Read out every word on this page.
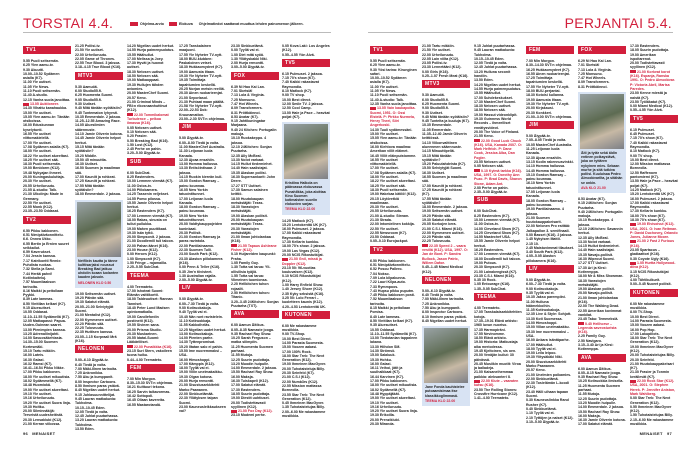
TORSTAI 4.4.	Ohjelma-arvio	Elokuva Ohjelmatiedot saattavat muuttua lehden painomenon jälkeen.	PERJANTAI 5.4.
TV1
5.55 Puoli seitsemän.
6.25 Ylen aamu-tv.
9.30 Akuutti.
10.00–10.52 Sydämen asialla (K7).
11.00 Yle uutiset.
11.05 Yle News.
11.10 Puoli seitsemän.
11.40 A-studio.
12.15 Vanha suola janoittaa.
13.05 Auktioneer.
14.30 Vihattu kanahaukka.
15.00 Yle uutiset.
15.05 Ylen aamu-tv: Tänään otsikoissa.
16.00 Eduskunnan kyselytunti.
16.55 Yle uutiset viittomakielellä.
17.00 Yle uutiset.
17.08 Sydämen asialla (K7).
18.00 Yle uutiset.
18.22 Yle uutiset alueeltasi.
18.25 Yle uutiset sää.
18.30 Puoli seitsemän.
19.00 Benidorm (K12).
19.48 Nykyajan ihmeet.
20.00 Kuningaskuluttaja.
20.30 Yle uutiset.
20.55 Urheiluruutu.
21.05 A-studio: Talk.
21.30 Ulkolinja: Made in Germany.
22.50 Yle uutiset.
22.55 Monk (K12).
23.35–23.50 Oddasat.
TV2
6.50 Pikku kakkonen.
6.51 Nimipäiväonnittelu.
6.6. Onnea Ukko.
6.55 Bertin ja Ernien suuret seikkailut.
6.59 Kaverukset.
7.04 Jessin kanssa.
7.17 Katrikontti Remix: Puhdista ruokaa.
7.32 Stella ja Sami.
7.44 Herää pahvi! Kotiinkaiteluj.
7.57 Muumilaakson tarinoita.
8.16 Maikki ja peitollaan Pyykki.
8.39 Late lammas.
8.50 Vinttilan kelkari (K7).
9.15 Aluesuitset.
10.55 Oddasat.
11.10–11.55 Sydämellä (K7).
12.05 Matkapassi: Papua-Uuden-Guinean saaret.
13.00 Pienimpien kanssa.
13.25 Adrenaliinijahti.
14.00 Savuosäkehtasia.
14.30–15.00 Suomen Kortesmäki.
15.10 Tartu mikkiin.
16.00 Lateis.
16.30 Galaxi.
16.32 Ramsi (K7).
16.41–16.54 Pikku Nikke.
17.00 Pikku kakkonen.
18.00 Yle uutiset mikuutisia.
18.02 Sydämmellä (K7).
18.48 Huomiokä.
19.00 Yle uutiset alueeltasi.
19.10 Yle uutiset.
19.16 Urheiluruutu.
19.20 Yle uutiset Suora linja.
19.30 Holtku.
20.00 Silminnäkijä: Terveistä uudesheitistä.
20.30 Lensaklubi (K12).
21.00 Kerran viikossa.
21.25 Poliisi-tv.
21.50 Yle uutiset.
22.00 Urheiluruutu.
22.05 Game of Thrones.
22.55 True Blood. 3 jaksoa.
3.18–4.15 True Blood (K16).
MTV3
5.30 Aamuöä.
6.00 Studio55.fi.
6.25 Huomenta Suomi.
9.05 Studio55.fi.
9.30 Uutiset.
9.40 Mitä tänään syötäisiin?
9.45 Tuntematon lyhyesti.
10.35 Emmerdale. 2 jaksoa.
11.25–12.55 Amazing Race.
14.05 Aluesilmien sääennuste.
14.10 Jamie Oliverin kotona.
14.45 Jamie Oliverin helpot herkut.
15.15 Mitä tänään syötäisiin?
15.20 Middle.
15.50 45 minuuttia.
16.30 Uutiset.
16.50 Suomen ja maailman sää.
17.00 Kauniit ja rohkeat.
17.25 Kauniit ja rohkeat.
17.55 Mitä tänään syötäisiin?
18.00 Emmerdale. 2 jaksoa.
Netflixin kautta jo tänne kulttisarjaksi noussut Breaking Bad jatkuu uhdolin koaan luolanten kauden jaksoin.
NELONEN KLO 0.50
19.00 Seitsemän uutiset.
19.20 Päivän sää.
19.30 Salatut elämät.
20.05–21.00 Selviytyjät Suomi.
21.00 Mentalist (K12).
22.00 Kymmenen uutiset.
22.20 Päivän sää.
22.25 Tulosruutu.
22.35 Huttisen kanssa.
23.05–1.15 Korpraali Mrä (K16).
NELONEN
5.00–6.10 Äiypää-tv.
6.40 Tiedä ja voita.
7.00 Mäki-Ilinen tarinoita.
7.25 Ankronikka.
7.50 Aku ja kumppanit.
8.00 Inspector Cartoons.
8.50 Ihmisen paras ystävä.
8.40 Nigellan uudet herkut.
9.15 Juhlasuunnittelijat.
9.45 Lauran matkakuvia: Tukholma.
10.15–10.45 Eden.
12.05 Tiedä ja voita.
12.45 Juhlat puutarhassa.
13.20 Lauran matkakuvia: Tukholma.
13.50 Eden.
14.20 Nigellan uudet herkut.
14.55 Hurja paimenpudotus.
15.55 Häähullut.
17.00 Melissa ja Joey.
17.30 Hyvät ja huonot uutiset.
18.30 Nelosen uutiset.
18.50 Nelosen sää.
19.00 Matkaoppaat.
19.30 Hullujen tähden aviomies.
20.00 MasterChef Suomi.
20.57 Keno.
21.00 Criminal Minds – FBI:n rikosnaanhuttinut (K12).
22.00 Tommikalomat Turbulence – pelkoa ilmassa (K16).
0.05 Nelosen uutiset.
0.10 Nelosen sää.
0.20 Frasier.
0.50 Breaking Bad (K16).
1.50 Lost (K12).
2.45 Perhe on pahin.
3.20–5.00 Äiypää-tv.
SUB
6.00 SubChat.
8.25 Eastenders.
10.00 Lemmen viemää (K7).
11.00 Ostos-tv.
14.00 Piilokamera.
14.25 Tassenin veljekset.
14.55 Pomo pilossa.
15.55 Jamie Oliverin helpot herkut.
16.25 Eastenders (K7).
17.00 Lemmen viemää (K7).
18.00 Rakas, sinusta on tullut pullukka.
19.00 Mahen puuttikaat.
19.30 Isän tyttö.
20.00 Simpsonit. 2 jaksoa.
21.00 Doodlemill tuli taloon.
22.00 Pahan äänet (K16).
23.00 House (K12).
0.00 Heroes (K12).
1.00 Simpsonit (K7).
1.50 Fringe – rajamailla.
2.25–5.55 SubChat.
TEEMA
4.00 Teemateto.
17.00 Ishoteat Suomi: Elämän valttikortti.
18.00 Taideuutiset: Rannan Tanniset.
18.40 Peter Lund Madsen opintomatkalla.
19.00 Candlefordin postineiti (K12).
19.55 Sivinen sana.
20.00 Prisma Studio.
20.30 Muskarinen.
20.55 Idatal-Suomi: Lääkäriliiset.
22.00 Punaikkka (K16).
23.15 Suri Stern, vakoileen tuona huiku.
0.44–4.00 Teemateto.
FEM
7.00 Min Morgon.
8.30–15.30 SVT:n ohjelmaa.
16.21 Kulttuuri tekona.
16.25 Sarvin taikavormas.
16.42 Sottopoli.
16.45 Ollaan kavereita.
16.55 Mastarotandä.
17.25 Tanskalainen maajuoni.
17.55 Yle Nyheter TV-nytt.
18.00 BUU-klubben: Paskaloinen vetset.
18.30 Hukkaomydeet (K7).
19.00 Aamusta iltaan.
19.30 Yle Nyheter TV-nytt.
19.35 Toimittaja tapahtumien keskellä.
20.25 Norjan metsin reelliä.
20.30 Ainen ruokarieenjat.
21.00 Seporlasol.
21.30 Puhtaat maan päältä.
21.58 Yle Nyheter TV-nytt.
22.00–22.53 Dok: Kruunamation.
23.00–2.30 SVT:n ohjelmaa.
JIM
5.00 Äiypää-tv.
6.00–8.00 Tiedä ja voita.
11.00 MasterChef Australia.
11.30 Leijonan luola Kanada.
12.30 Ajoaa ensahiin.
13.00 Homma hallussa.
13.30 Entisöintisaar. 2 jaksoa.
14.15 Ruokin kiereän kuli.
15.00 Gordon Ramsay – painu kounnaa.
16.05 New Yorkin tatuointitunnet.
17.00 Leijonan luola Kanada.
18.00 Gordon Ramsay – painu kounnaa.
19.00 New Yorkin tatuointitunnet.
20.00 Valdtykauppojeiden kuninkaat.
20.30 Poliisit.
21.00 Gordon Ramsay ja paras ravintola.
22.00 Pantilainaamo.
22.30 Suomen Tulli.
23.00 South Park (K12).
23.30 Alaston piilokamera (K16).
0.00 Penn & Teller (K16).
0.35 Jim'n tiivisteet.
1.30 Australian rajalla.
2.00–5.00 Äiypää-tv.
LIV
5.00 Äiypää-tv.
6.00–7.30 Tiedä ja voita.
9.00 Kotiruokakoja.
9.40 Tyyliä vai ei.
10.40 Nän runt ravistelein.
11.10 Kotiruokkaja.
11.55 Kakkoiheläs.
12.25 Nigellan uudet herkut.
13.00 Kotiruokakoja.
14.00 Pienten parhe.
14.30 Tyttenpromisat.
15.20 Iltatan salo ei pahin.
15.50 Ime nuoremmaksi – USA.
16.00 Himoshoppi.
17.00 Kämppis (K12).
18.00 Tyyliä vai ei.
19.00 Villin unelmakaikku.
19.30 Olgan kotona.
20.00 Hurja remontti.
21.00 Sisustusarkkitehti Marko Paananen.
22.00 Sinkkuelämää.
22.30 Yllätyksen taipan Suomi.
23.00 Kauneusleikkaukseen vai?
23.30 Sinkkuelämä.
0.00 Tyyliä vai ei.
1.00 Diet mitä syöä.
1.30 Yllätyskakki Niki.
2.00 Hurja remontti.
3.00–5.00 Äiypää-tv.
FOX
6.39 Ni Hao Kai Lan.
7.01 Sketsiä!
7.13 Lola & Virginia.
7.25 Monsuno.
7.47 Hot Wheels.
8.09 Transformers.
8.31 Pröttkäinnoi.
8.53 Avatar (K7).
9.15 Jahtikuningatar Marjaana.
9.40 24 Kitchen: Portugalin makuja.
10.10 Ruokakeppo. 4 jaksoa.
12.10 24Kitchen: Sonjan Puutarha.
12.35 Ally McBeal.
13.30 Nolot varkaat.
14.15 Hullut tiedemiehet.
14.40 Hain saalistajat.
15.35 Alaskan poliisi.
16.30 Supersankarit: John Deere.
17.27 STT Uutiset.
17.30 Samun salainen keittiö.
18.00 Huutokaupan metsästäjät: Texas.
18.30 Varastojen metsästäjät.
19.00 Alaskan poliisit.
20.00 Huutokaupan metsästäjät: Texas.
20.30 Varastojen metsästäjät.
21.00 Ilman johtolankaa (K16).
21.55 Tapaus Ashleane Fisher (K12).
0.10 Huijareiden kaupunki: Praha.
1.05 Family Guy.
1.30 Totta vai tarua: Yli-ollisilisia tyäjiä.
1.55 Totta vai tarua: Viimeinen tuomionsa.
2.20 Hellkitchen tuhon rojaalit.
2.50 Hellkitchen tuhon: Titanic.
3.20–3.45 24Kitchen: Sonjan Puutarha (TXT).
AVA
6.00 Aamun Äitikus.
8.05–8.35 Namaste jooga.
9.35 Rachael Ray Show.
10.25 Sarah Ferguson – matka siiimpiin.
11.25 Huomenta Suomen parhaat.
11.55 Mutoja.
12.25 Suurin pudottaja.
13.20 Muodin huipulle.
14.00 Emmerdale. 2 jaksoa.
15.50 Rachael Ray Show.
16.00 Maksja.
16.30 Tuiskapeli (K12).
17.00 Salatut elämät.
17.30 Eastenders.
18.05 Suurin pudottaja.
19.00 Diestit uuhtiuset.
20.00 Todistettavasti syyllinen (K12).
21.00 Fox Day (K12).
23.10 Modemi perhe.
0.05 Kova Laki: Los Angeles (K12).
0.55–4.55 Yön Alvä.
TV5
6.15 Pulmuset. 2 jaksoa.
7.15 70's show (K7).
7.40 Kaikki rakastavat Raymondia.
8.10 Matlock (K7).
9.00 TV shop.
10.00 Best direct.
12.00 Smile TV. 2 jaksoa.
12.50 Cool Camp.
13.00 Hale ja Pace – heavkat poijat (K7).
Kristiina Halkola on pääroassa elokuvassa Punahilkka, joka aloittaa Kino Suomen kotimaisten suoriin elokuvien sarjan.
TEEMA KLO 22.00
14.25 Matlock (K7).
15.20 Lentokenttä UK (K7).
16.00 Pulmuset. 2 jaksoa.
17.00 Kaikki rakastavat Raymondia.
17.30 Kellarin kunkku.
18.00 70's show. 2 jaksoa.
19.00 Las Vegas (K12).
20.00 NCIS Rikostutkijat.
21.00 Gnil, missä ja Doppler (K12).
23.10 50: 96-vuotias kouluvaisen (K12).
0.10 NCIS Rikostutkijat (K12).
1.00 Harry Enfield Show.
1.40 Jersey Shore (K12).
2.35 Kyky seksistä (K16).
3.25 50: Lolo Ferrari – kuoletteen kaunis (K12).
4.20–4.53 Lentokenttä UK.
KUTONEN
6.00 Me rakastamme musiikkia.
9.00 TV-Shop.
10.00 Best Direct.
14.00 Parasta Suomesta.
15.00 Voozen aabasi.
17.00 100% Rock.
18.00 Star Trek: The Next Generation (K12).
19.00 Ihmeinen MacGyver.
20.00 Tuhotaisteluja Billy.
20.30 Seinfeld (K7).
21.00 C.S.I (K12).
22.00 Numb3rs (K12).
22.55 Mission mattassa Borneolla.
23.55 Star Trek: The Next Generation (K12).
0.45 Ihmeinen MacGyver.
1.35 Tuhotaistelujas Billy.
2.00–6.00 Me rakastamme musiikkia.
TV1
5.55 Puoli seitsemän.
6.25 Ylen aamu-tv.
9.30 Yösi tarina: Kirunginen safari.
10.00–10.52 Sydämen asialla (K7).
11.00 Yle uutiset.
11.05 Yle News.
11.10 Puoli seitsemän.
11.40 A-studio: Talk.
12.35 Vanha suola janoittaa.
13.05 Vain kaukapoika. Suomi, 1951. O: Ossi Elstelä. P: Pirkko Nurmela, Henry Theel, Siiri Angerkoski.
14.30 Tuuli sydämessäni.
15.00 Yle uutiset.
15.05 Ylen aamu-tv: Tänään otsikoissa.
16.00 Kiehtova maailma: Amerikan villit eläimet.
16.45 Villit eläinpuistomme.
16.55 Yle uutiset viittomakielellä.
17.00 Yle uutiset.
17.08 Sydämen asialla (K7).
18.00 Yle uutiset.
18.22 Yle uutiset alueeltasi.
18.25 Yle uutiset sää.
18.30 Puoli seitsemän.
19.00 Hakekaa kätilö! (K12).
20.15 Löytöretkiä maailmaan.
20.30 Yle uutiset.
20.55 Urheiluruutu.
21.00 A-studio: Stream.
21.30 Strada.
22.00 Intomielinen kokkija.
22.50 Yle uutiset.
22.55 Newsroom (K7).
23.50 Oddasat.
0.05–0.10 Eurojackpot.
TV2
6.50 Pikku kakkonen.
6.51 Nimipäiväonnittelu.
6.52 Posou Pallero.
7.04 Nokso.
7.09 Lola kilpakunna.
7.22 Lauri Kilpa-auto.
7.33 Rymmpoos.
7.43 Hupsu pikku puputm.
7.45 Pikku kakkosen posti.
7.52 Muumilaakson tarinoita.
8.15 Maikki ja peitollaan Pomisa.
8.40 Late lammas.
8.50 Vinttilan kelkari (K7).
9.35 Aluesuitset.
10.55 Oddasat.
11.10–11.55 Sydämellä (K7).
13.00 Tiedotanian tappaleen lakana.
13.30 Hiihdon SM.
14.30 Strömsö.
15.00 Salaluuk.
15.30 Hohku.
16.00 Galaxi.
16.11 Veihoi, jätit ja suulhaikkaat (K7).
16.44 Karvinen (K7).
17.00 Pikku kakkonen.
18.00 Yle uutiset mikuutisia.
18.02 Sydämellä (K7).
18.48 Hyppäjäkät.
19.00 Yle uutiset alueeltasi.
19.10 Yle uutiset.
19.16 Urheiluruutu.
19.20 Yle uutiset Suora linja.
19.30 Erikoilla.
20.00 Prenziklubi.
20.30 Miranda.
21.00 Tartu mikkiin.
21.50 Yle uutiset.
22.00 Urheiluruutu.
22.05 Lain viilta (K12).
23.05 Poliisi-tv.
23.30 Lennetäänl (K12).
0.00 Girls (K16).
0.25–1.07 Fresh Meat (K16).
MTV3
5.30 Aamuöä.
6.00 Studio55.fi.
6.25 Huomenta Suomi.
9.00 Studio55.fi.
9.30 Uutiset.
9.40 Mitä tänään syötäisiin?
9.45 Tuntelta ja kuuluja (K7).
10.35 Emmerdale.
11.05 Emmerdale.
11.35–12.40 Jamie Oliverin keittiössä.
14.10 Viikonvalttinen alueenmen sääennuste.
14.15 Minuuttipeliä.
15.15 Mitä tänään syötäisiin?
15.20 Paluutahdeista (K7).
15.50 Selviytyjät Suomi.
16.30 Uutiset.
16.55 Suomen ja maailman sää.
17.00 Kauniit ja rohkeat.
17.25 Kauniit ja rohkeat (K7).
17.55 Mitä tänään syötäisiin?
18.00 Emmerdale. 2 jaksoa.
19.00 Seitsemän uutiset.
19.20 Päivän sää.
19.30 Salatut elämät.
20.05 Korkojen kera.
21.00 C.S.I. Miami (K16).
22.00 Kymmenen uutiset.
22.20 Päivän sää.
22.25 Tulosruutu.
22.35 Speed 2 – vaara vesillä (K12). USA, 1997. O: Jan de Bont. P: Sandra Bullock, Jason Patric, Willem Dafoe.
0.45–1.45 Miami Medical (K12).
NELONEN
5.00–6.10 Äiypää-tv.
6.40 Tiedä ja voita.
7.00 Mäki-Ilinen tarinoita.
7.25 Ankronikka.
7.50 Aku ja kumppanit.
8.00 Inspector Cartoons.
8.10 Ihmisen paras ystävä.
8.40 Nigellan uudet herkut.
Jane Fonda kauhistelee putoaamisimaa itse klassikkoglimmasä.
TEEMA KLO 22.00
9.15 Juhlat puutarhassa.
9.45 Lauran matkakuvia: Tukholma.
10.15–10.45 Eden.
12.05 Tiedä ja voita.
12.45 Juhlat puutarhassa.
13.20 Hulluna seconit handiin.
13.50 Eden.
14.20 Nigellan uudet herkut.
14.55 Hurja paimenpudotus.
15.55 Häähullut.
17.00 Suhdekeskukset.
17.30 MasterChef Suomi.
18.30 Nelosen uutiset.
18.50 Nelosen sää.
19.00 Hassut videonklipit.
19.30 Guinness World Records – ihmeelliset ennätysvideot.
20.00 The Voice of Finland.
21.55 Keno.
22.00 Good Luck Chuck (K16). USA, Kanada 2007. O: Mark Helfrich. P: Dane Cook, Jessica Alba, Dan Fogler.
23.55 Nelosen uutiset.
0.05 Nelosen sää.
0.10 Kylmä tarkka (K16). USA, 1997. O: Dorothy Ann Puzo. P: Brad Davis, Sharon Stone, Adam Ant.
2.00 Perhe on pahin.
2.35–5.00 Äiypää-tv.
SUB
6.00 SubChat.
8.25 Eastenders (K7).
10.00 Lemmen viemää (K7).
11.00 Ostos-tv.
14.00 Cleveland Show (K7).
14.25 Cleveland Show (K7).
14.55 Mastechef USA.
15.55 Jamie Oliverin helpot herkut.
16.25 Eastenders.
17.00 Lemmen viemää (K7).
18.00 Doodlemill tuli taloon.
19.00 Putous.
20.30 Simpsonit (K7).
21.00 Lainakengissä (K7).
23.35 C.S.I. Miami (K16).
0.35 30 Rock.
1.05 Entourage (K16).
1.35–5.05 SubChat.
TEEMA
4.00 Teemateto.
17.05 Tanskalaisarkkitehtien kotoja.
17.35–19.01 Elävä arkisto: 1960 luvun nuoriso.
17.35 Harmopiräni.
17.55 Nevinomme.
18.50 Elävä arkisto.
19.00 Historia: Matkustaja aika meriodessa.
19.45 Kjeltoinen, sis oen.
20.00 Venäjän kuilut: 30 päivässä.
20.45 Musiikin muotit: Viroa ja balladeja.
21.00 Kaisaneihemmaa paikkia: aleksanteri II.
22.00 Klute – vaaraten kutsu (K16).
23.50 The Rolling Stones: Crossfire Hurricane (K12).
1.41–4.00 Teemateto.
FEM
7.00 Min Morgon.
8.30–14.30 SVT:n ohjelmaa.
16.25 Hukkaomydeet (K7).
16.55 Ainen ruokarieenjat.
17.25 Toimittaja tapahtumien keskellä.
17.55 Yle Nyheter TV-nytt.
18.00 BUU-perjantai.
18.30 Kotoisi kullanna.
19.00 Aamusta iltaan.
19.30 Yle Nyheter TV-nytt.
20.00 Kirjakausi.
20.30 Konkkeri.
21.00–3.00 SVT:n ohjelmaa.
JIM
5.00 Äiypää-tv.
7.05–8.05 Tiedä ja voita.
10.05 MasterChef Australia.
11.25 Leijonan luola Kanada.
12.30 Ajoaa ensahiin.
13.15 Kodin rakennusvinkki.
14.10 Homma hallussa.
14.40 Homma hallussa.
15.10 Gordon Ramsay – painu kounnaa.
16.10 New Yorkin tatuointitunnet.
17.05 Leijonan luola Kanada.
18.05 Gordon Ramsay – painu kounnaa.
19.00 Pantilainaamo. 4 jaksoa.
21.00 Suomen huutokauppakeisarit.
22.00 Nelonen Pro esittää: Jalkapallon 3. semifinaali.
0.00 Basset (K16). 2 jaksoa.
1.45 Nykyisen Mattii.
2.15 10.
2.45 Maistuvimmat tilaukset.
3.40 South Park (K12).
4.05–5.05 Alaston piilokamera (K16).
LIV
5.00 Äiypää-tv.
6.00–7.30 Tiedä ja voita.
9.00 Kotiruokakoja.
9.35 Tyyliä vai ei.
10.35 Jakso parempiini.
11.00 Hulluna häämekkoihin.
11.35 Kotiruokakoja.
12.35 Live & Style: Sohjott.
13.30 Koti Suomessa.
14.00 Himoshoppi.
15.00 Villan unelmakakku.
15.30 Ime nuoremmaksi – USA.
16.00 Ankara isäntäparhe.
17.00 Häähullut.
18.00 Tyyliä vai ei.
19.00 Leila leipoo.
19.30 Ylitysäkäki Niki.
20.00 Sisustusarkkitehti Marko Paananen.
20.57 Keno.
21.00 Unelmien poikamies.
22.00 Sinkkuelämä.
22.30 Tosielämän L-koodi (K12).
23.40 Hälli ulhaan tapaan Suomi.
0.30 Kauneuslinkka Rand Rusher (K7).
0.40 Sinkkuelämä.
1.10 Tyyliä vai ei.
2.10 Tyttöjen ja naiset (K12).
3.10–5.00 Äiypää-tv.
FOX
6.29 Ni Hao Kai Lan.
7.01 Sketsiä!
7.13 Lola & Virginia.
7.25 Monsuno.
7.47 Hot Wheels.
8.09 Transformers.
8.31 Pröttkäinnoi.
Äiti ja tytär sekä äidin entinen poikaystävä, joka on tyttären nykyinen mies. Sekaan murhe ja sitä tutkiva poliisi. Kuuluisaa Pedro Almodóvarilta, ja sitähän se onkin.
AVA KLO 21.00
8.53 Avatar (K7).
9.15 24Kitchen: Sonjan Puutarha.
9.40 24Kitchen: Portugalin makuja.
10.10 Ruokakeppo. 4 jaksoa.
12.10 24Kitchen: Savannin herkut.
12.35 Ally McBeal.
13.30 Nolot varkaat.
14.15 Hullut tiedemiehet.
14.40 Hain saalistajat.
15.35 Navajo-poliisit.
16.30 Wipeout Suomi.
17.27 STT Uutiset.
17.30 Ari ja Kirsi: Kotiremppa.
18.00 Mr & Miss Showman.
18.30 Varastojen metsästäjät.
19.00 Alaskan poliisit.
20.00 Navajo-poliisit.
21.00 Ilman johtolankaa (K16).
22.00 The Walking Dead.
22.55 Amerikan kovimmat vankilat.
23.45 Tabu: Temmeksiä.
0.40 Hellhorse – Legenda saveosturista (K16).
2.25 Family Guy.
2.50 Navigaro.
3.15–3.40 Ari ja Kirsi: Kotiremppa.
AVA
6.00 Aamun Äitikus.
8.05–8.15 Namaste jooga.
9.35 Rachael Ray Show.
10.25 Kotiruokkia ilmisella.
11.25 Huomenta Suomen parhaat.
11.55 Mutoja.
12.25 Suurin pudottaja.
13.20 Muodin huipulle.
14.00 Emmerdale. 2 jaksoa.
15.50 Rachael Ray Show.
16.00 Maksja.
16.30 Jamie Oliverin kotona.
17.00 Salatut elämät.
17.30 Eastenders.
18.05 Suurin pudottaja.
19.00 Amerikan ispoitarenot.
20.00 Todistettavasti syyllinen (K12).
21.00 Korkeat korot (K16). Espanja, Ranska 1991. O: Pedro Almodóvar. P: Victoria Abril, Marisa Paredes.
23.00 Kenne miestä ja naistä (K7).
23.50 Työläkatut (K7).
0.00 Miami Medical (K12).
0.55–4.55 Yön Alvä.
TV5
6.15 Pulmuset.
6.45 Pulmuset.
7.15 70's show (K7).
7.40 Kaikki rakastavat Raymondia.
8.10 Matlock (K7).
9.00 TV shop.
10.00 Best direct.
12.00 Mission matkassa Borneolla.
12.50 Raffenoen pantomiemi (K7).
13.50 Hale ja Pace – heavkat poijat (K7).
14.25 Matlock (K7).
15.20 Lentokenttä UK (K7).
16.00 Pulmuset. 2 jaksoa.
17.00 Kaikki rakastavat Raymondia.
17.30 Kellarin kunkku.
18.00 70's show (K7).
18.30 70's show (K7).
19.00 Elvisoivut (K12). USA, 2001. O: Ivan Reitman. P: David Duchovny, Orlando Jones, Julianne Moore.
21.00 2 Fast 2 Furious (K16).
23.05 Spartacus – gladiaattori (K16).
0.30 Coyote Ugly (K16).
1.05 Hurtta Hollywood-diiva (K12).
3.15 NCIS Rikostutkijat (K12).
4.00 Tähtikulkurit.
5.00–5.45 Nuoret poliisit.
KUTONEN
6.00 Me rakastamme musiikkia.
8.00 TV-Shop.
10.00 Best Direct.
14.00 Parasta Suomesta.
15.00 Voozen aabasi.
16.00 Pop Hop.
17.00 Lakupiilots.
18.00 Star Trek: The Next Generation (K12).
19.00 Ihmeinen MacGyver (K12).
20.00 Tuhotaistelujas Billy.
20.30 Seinfeld.
21.00 Huutokauppakeisari (K7).
21.30 Frasier ja Tonmin keräilevät (K7).
22.00 Rock Star (K12). USA, 2001. O: Stephen Herek. P: Jennifer Aniston, Mark Wahlberg.
0.00 Star Trek: The Next Generation (K12).
0.55 Ihmeinen MacGyver (K12).
1.50 Tuhotaistelujas Billy.
2.15–6.00 Me rakastamme musiikkia.
96 MENAISET	MENAISET 97
